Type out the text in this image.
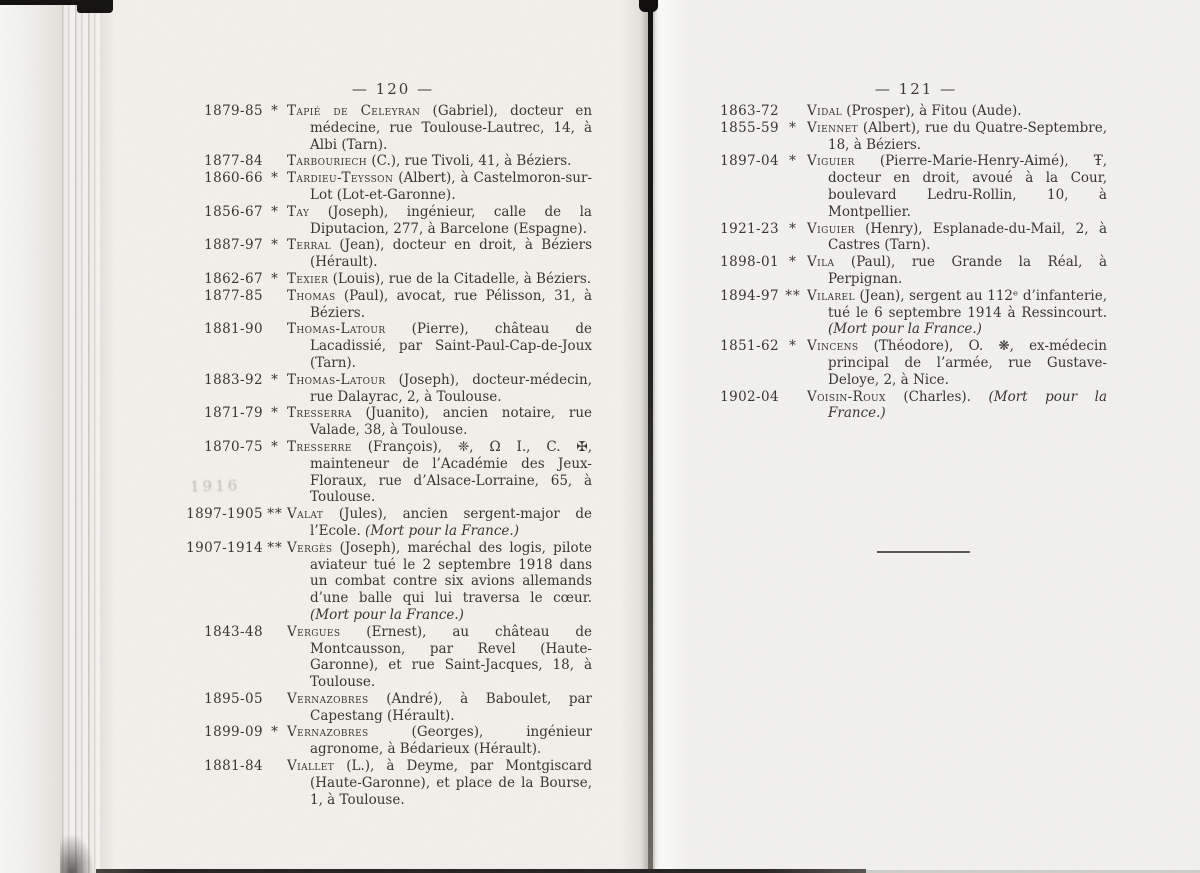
— 120 —	— 121 —
1879-85 * Tapié de Celeyran (Gabriel), docteur en médecine, rue Toulouse-Lautrec, 14, à Albi (Tarn).
1877-84 Tarbouriech (C.), rue Tivoli, 41, à Béziers.
1860-66 * Tardieu-Teysson (Albert), à Castelmoron-sur-Lot (Lot-et-Garonne).
1856-67 * Tay (Joseph), ingénieur, calle de la Diputacion, 277, à Barcelone (Espagne).
1887-97 * Terral (Jean), docteur en droit, à Béziers (Hérault).
1862-67 * Texier (Louis), rue de la Citadelle, à Béziers.
1877-85 Thomas (Paul), avocat, rue Pélisson, 31, à Béziers.
1881-90 Thomas-Latour (Pierre), château de Lacadissié, par Saint-Paul-Cap-de-Joux (Tarn).
1883-92 * Thomas-Latour (Joseph), docteur-médecin, rue Dalayrac, 2, à Toulouse.
1871-79 * Tresserra (Juanito), ancien notaire, rue Valade, 38, à Toulouse.
1870-75 * Tresserre (François), ❈, Ω I., C. ✠, mainteneur de l’Académie des Jeux-Floraux, rue d’Alsace-Lorraine, 65, à Toulouse.
1897-1905 ** Valat (Jules), ancien sergent-major de l’Ecole. (Mort pour la France.)
1907-1914 ** Vergès (Joseph), maréchal des logis, pilote aviateur tué le 2 septembre 1918 dans un combat contre six avions allemands d’une balle qui lui traversa le cœur. (Mort pour la France.)
1843-48 Vergues (Ernest), au château de Montcausson, par Revel (Haute-Garonne), et rue Saint-Jacques, 18, à Toulouse.
1895-05 Vernazobres (André), à Baboulet, par Capestang (Hérault).
1899-09 * Vernazobres (Georges), ingénieur agronome, à Bédarieux (Hérault).
1881-84 Viallet (L.), à Deyme, par Montgiscard (Haute-Garonne), et place de la Bourse, 1, à Toulouse.
1863-72 Vidal (Prosper), à Fitou (Aude).
1855-59 * Viennet (Albert), rue du Quatre-Septembre, 18, à Béziers.
1897-04 * Viguier (Pierre-Marie-Henry-Aimé), Ŧ, docteur en droit, avoué à la Cour, boulevard Ledru-Rollin, 10, à Montpellier.
1921-23 * Viguier (Henry), Esplanade-du-Mail, 2, à Castres (Tarn).
1898-01 * Vila (Paul), rue Grande la Réal, à Perpignan.
1894-97 ** Vilarel (Jean), sergent au 112ᵉ d’infanterie, tué le 6 septembre 1914 à Ressincourt. (Mort pour la France.)
1851-62 * Vincens (Théodore), O. ❋, ex-médecin principal de l’armée, rue Gustave-Deloye, 2, à Nice.
1902-04 Voisin-Roux (Charles). (Mort pour la France.)
1916
